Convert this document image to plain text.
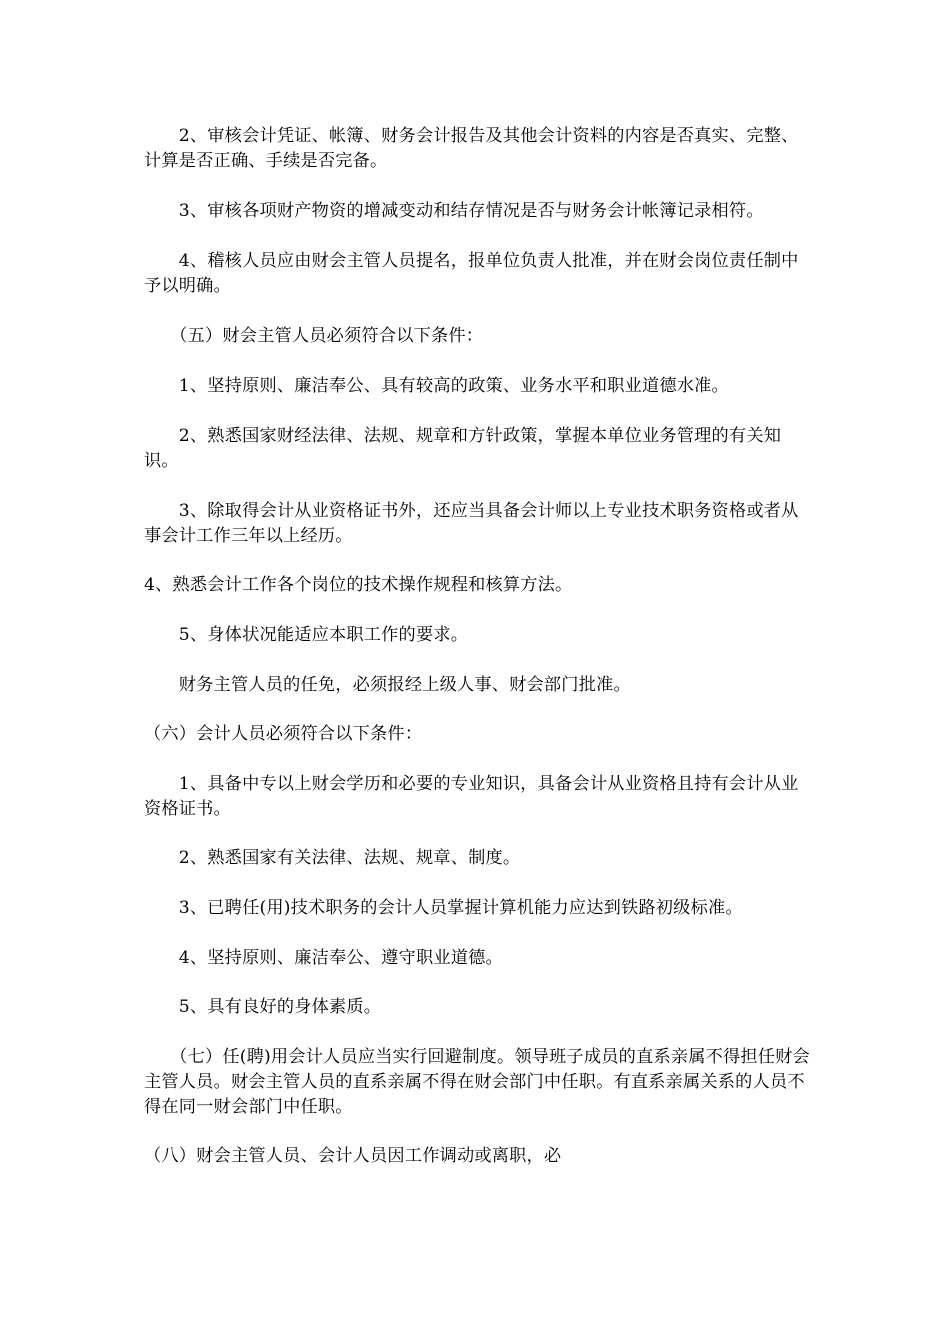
　　2、审核会计凭证、帐簿、财务会计报告及其他会计资料的内容是否真实、完整、计算是否正确、手续是否完备。

　　3、审核各项财产物资的增减变动和结存情况是否与财务会计帐簿记录相符。

　　4、稽核人员应由财会主管人员提名，报单位负责人批准，并在财会岗位责任制中予以明确。

　　（五）财会主管人员必须符合以下条件：

　　1、坚持原则、廉洁奉公、具有较高的政策、业务水平和职业道德水准。

　　2、熟悉国家财经法律、法规、规章和方针政策，掌握本单位业务管理的有关知识。

　　3、除取得会计从业资格证书外，还应当具备会计师以上专业技术职务资格或者从事会计工作三年以上经历。

4、熟悉会计工作各个岗位的技术操作规程和核算方法。

　　5、身体状况能适应本职工作的要求。

　　财务主管人员的任免，必须报经上级人事、财会部门批准。

（六）会计人员必须符合以下条件：

　　1、具备中专以上财会学历和必要的专业知识，具备会计从业资格且持有会计从业资格证书。

　　2、熟悉国家有关法律、法规、规章、制度。

　　3、已聘任(用)技术职务的会计人员掌握计算机能力应达到铁路初级标准。

　　4、坚持原则、廉洁奉公、遵守职业道德。

　　5、具有良好的身体素质。

　　（七）任(聘)用会计人员应当实行回避制度。领导班子成员的直系亲属不得担任财会主管人员。财会主管人员的直系亲属不得在财会部门中任职。有直系亲属关系的人员不得在同一财会部门中任职。

（八）财会主管人员、会计人员因工作调动或离职，必
